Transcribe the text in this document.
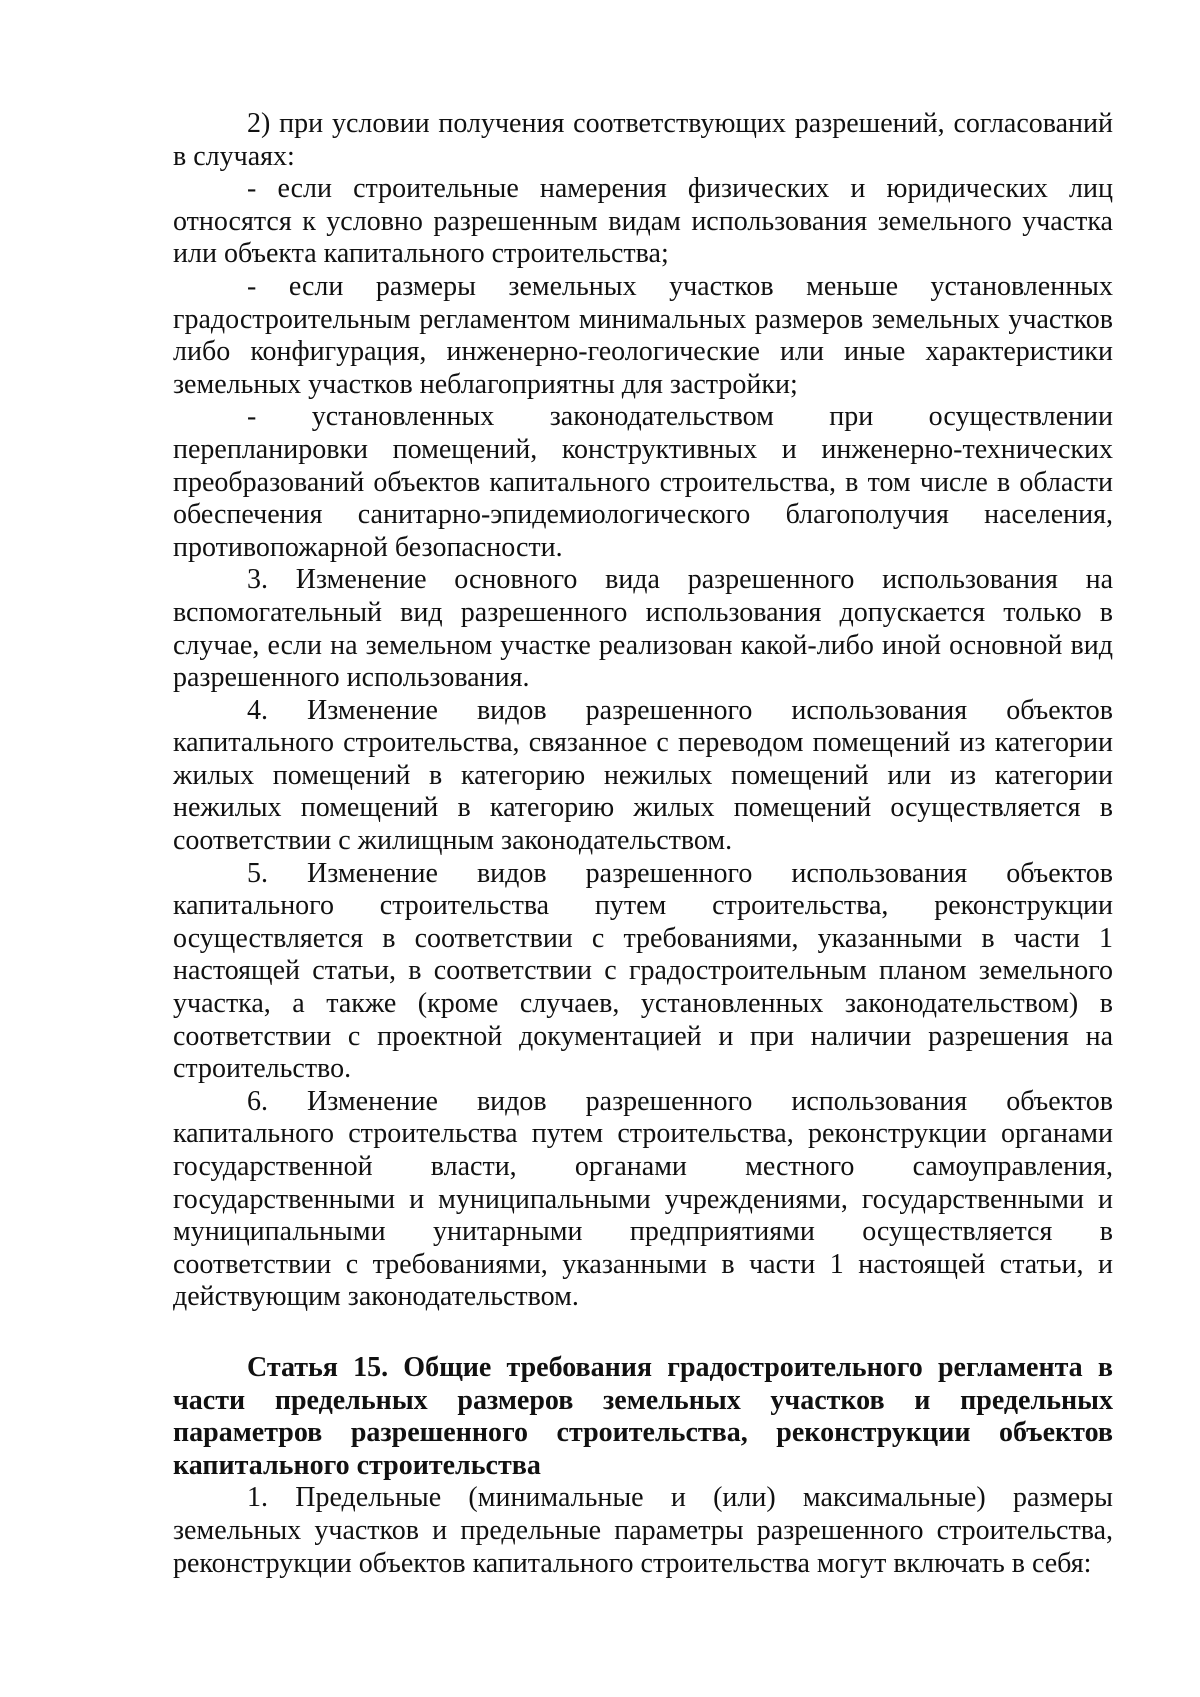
2) при условии получения соответствующих разрешений, согласований в случаях:

- если строительные намерения физических и юридических лиц относятся к условно разрешенным видам использования земельного участка или объекта капитального строительства;

- если размеры земельных участков меньше установленных градостроительным регламентом минимальных размеров земельных участков либо конфигурация, инженерно-геологические или иные характеристики земельных участков неблагоприятны для застройки;

- установленных законодательством при осуществлении перепланировки помещений, конструктивных и инженерно-технических преобразований объектов капитального строительства, в том числе в области обеспечения санитарно-эпидемиологического благополучия населения, противопожарной безопасности.

3. Изменение основного вида разрешенного использования на вспомогательный вид разрешенного использования допускается только в случае, если на земельном участке реализован какой-либо иной основной вид разрешенного использования.

4. Изменение видов разрешенного использования объектов капитального строительства, связанное с переводом помещений из категории жилых помещений в категорию нежилых помещений или из категории нежилых помещений в категорию жилых помещений осуществляется в соответствии с жилищным законодательством.

5. Изменение видов разрешенного использования объектов капитального строительства путем строительства, реконструкции осуществляется в соответствии с требованиями, указанными в части 1 настоящей статьи, в соответствии с градостроительным планом земельного участка, а также (кроме случаев, установленных законодательством) в соответствии с проектной документацией и при наличии разрешения на строительство.

6. Изменение видов разрешенного использования объектов капитального строительства путем строительства, реконструкции органами государственной власти, органами местного самоуправления, государственными и муниципальными учреждениями, государственными и муниципальными унитарными предприятиями осуществляется в соответствии с требованиями, указанными в части 1 настоящей статьи, и действующим законодательством.

Статья 15. Общие требования градостроительного регламента в части предельных размеров земельных участков и предельных параметров разрешенного строительства, реконструкции объектов капитального строительства

1. Предельные (минимальные и (или) максимальные) размеры земельных участков и предельные параметры разрешенного строительства, реконструкции объектов капитального строительства могут включать в себя:
